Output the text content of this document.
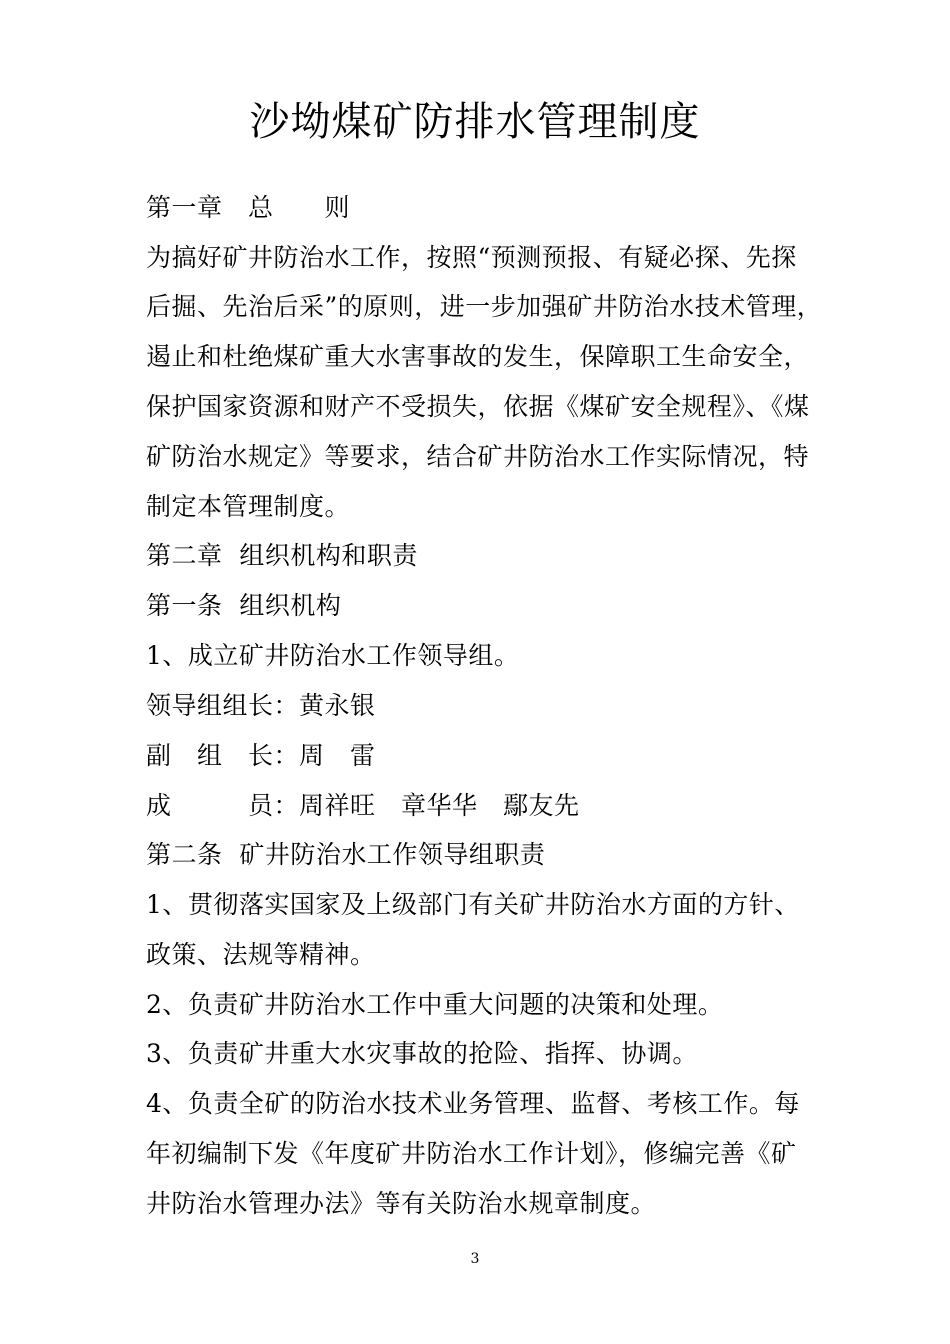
沙坳煤矿防排水管理制度
第一章　总　　则
为搞好矿井防治水工作，按照“预测预报、有疑必探、先探
后掘、先治后采”的原则，进一步加强矿井防治水技术管理，
遏止和杜绝煤矿重大水害事故的发生，保障职工生命安全，
保护国家资源和财产不受损失，依据《煤矿安全规程》、《煤
矿防治水规定》等要求，结合矿井防治水工作实际情况，特
制定本管理制度。
第二章  组织机构和职责
第一条  组织机构
1、成立矿井防治水工作领导组。
领导组组长：黄永银
副　组　长：周　雷
成　　　员：周祥旺　章华华　鄢友先
第二条  矿井防治水工作领导组职责
1、贯彻落实国家及上级部门有关矿井防治水方面的方针、
政策、法规等精神。
2、负责矿井防治水工作中重大问题的决策和处理。
3、负责矿井重大水灾事故的抢险、指挥、协调。
4、负责全矿的防治水技术业务管理、监督、考核工作。每
年初编制下发《年度矿井防治水工作计划》，修编完善《矿
井防治水管理办法》等有关防治水规章制度。
3
